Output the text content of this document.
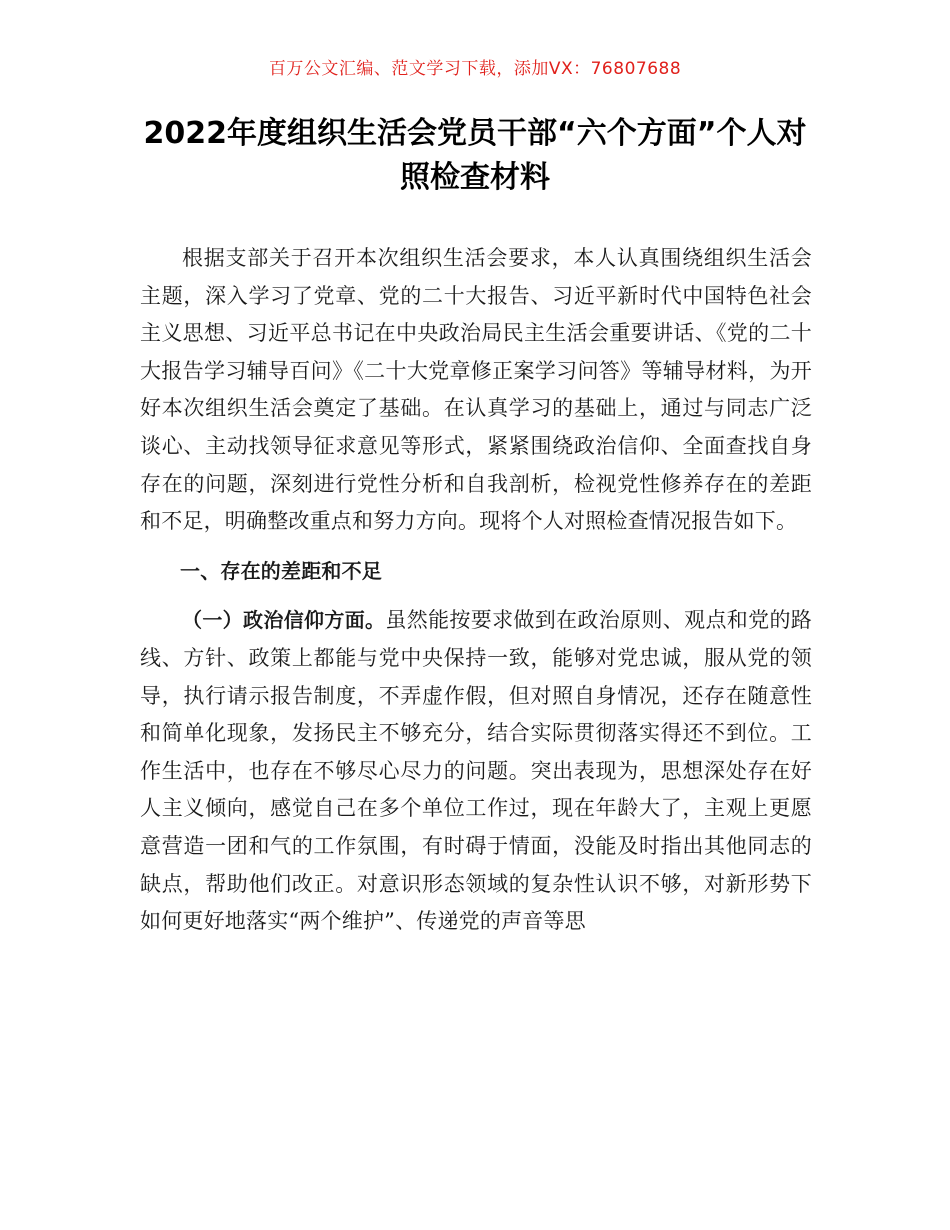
百万公文汇编、范文学习下载，添加VX：76807688
2022年度组织生活会党员干部“六个方面”个人对照检查材料

根据支部关于召开本次组织生活会要求，本人认真围绕组织生活会主题，深入学习了党章、党的二十大报告、习近平新时代中国特色社会主义思想、习近平总书记在中央政治局民主生活会重要讲话、《党的二十大报告学习辅导百问》《二十大党章修正案学习问答》等辅导材料，为开好本次组织生活会奠定了基础。在认真学习的基础上，通过与同志广泛谈心、主动找领导征求意见等形式，紧紧围绕政治信仰、全面查找自身存在的问题，深刻进行党性分析和自我剖析，检视党性修养存在的差距和不足，明确整改重点和努力方向。现将个人对照检查情况报告如下。

一、存在的差距和不足

（一）政治信仰方面。虽然能按要求做到在政治原则、观点和党的路线、方针、政策上都能与党中央保持一致，能够对党忠诚，服从党的领导，执行请示报告制度，不弄虚作假，但对照自身情况，还存在随意性和简单化现象，发扬民主不够充分，结合实际贯彻落实得还不到位。工作生活中，也存在不够尽心尽力的问题。突出表现为，思想深处存在好人主义倾向，感觉自己在多个单位工作过，现在年龄大了，主观上更愿意营造一团和气的工作氛围，有时碍于情面，没能及时指出其他同志的缺点，帮助他们改正。对意识形态领域的复杂性认识不够，对新形势下如何更好地落实“两个维护”、传递党的声音等思
